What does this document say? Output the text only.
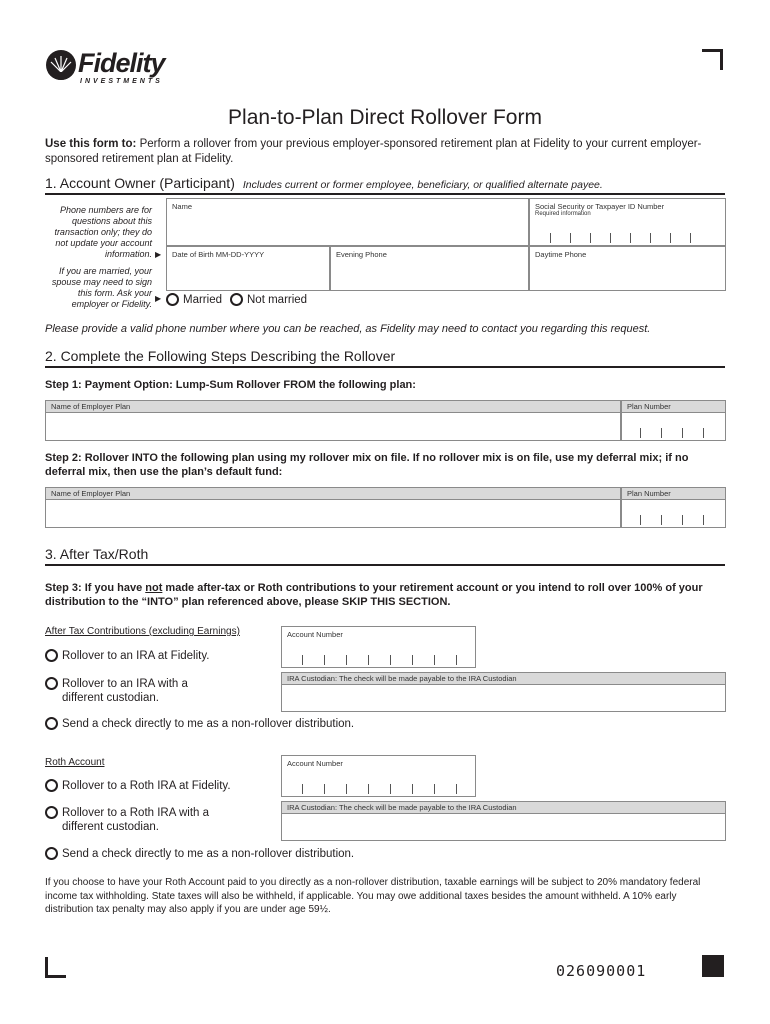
Fidelity
INVESTMENTS
026090001
Plan-to-Plan Direct Rollover Form
Use this form to: Perform a rollover from your previous employer-sponsored retirement plan at Fidelity to your current employer-sponsored retirement plan at Fidelity.
1. Account Owner (Participant) Includes current or former employee, beneficiary, or qualified alternate payee.
Phone numbers are for questions about this transaction only; they do not update your account information. ▶
If you are married, your spouse may need to sign this form. Ask your employer or Fidelity.
▶
Name	Social Security or Taxpayer ID Number
Required information
Date of Birth MM-DD-YYYY	Evening Phone	Daytime Phone
Married Not married
Please provide a valid phone number where you can be reached, as Fidelity may need to contact you regarding this request.
2. Complete the Following Steps Describing the Rollover
Step 1: Payment Option: Lump-Sum Rollover FROM the following plan:
Name of Employer Plan	Plan Number
Step 2: Rollover INTO the following plan using my rollover mix on file. If no rollover mix is on file, use my deferral mix; if no deferral mix, then use the plan’s default fund:
Name of Employer Plan	Plan Number
3. After Tax/Roth
Step 3: If you have not made after-tax or Roth contributions to your retirement account or you intend to roll over 100% of your distribution to the “INTO” plan referenced above, please SKIP THIS SECTION.
After Tax Contributions (excluding Earnings)	Account Number
Rollover to an IRA at Fidelity.
IRA Custodian: The check will be made payable to the IRA Custodian
Rollover to an IRA with a
different custodian.
Send a check directly to me as a non-rollover distribution.
Roth Account	Account Number
Rollover to a Roth IRA at Fidelity.
IRA Custodian: The check will be made payable to the IRA Custodian
Rollover to a Roth IRA with a
different custodian.
Send a check directly to me as a non-rollover distribution.
If you choose to have your Roth Account paid to you directly as a non-rollover distribution, taxable earnings will be subject to 20% mandatory federal income tax withholding. State taxes will also be withheld, if applicable. You may owe additional taxes besides the amount withheld. A 10% early distribution tax penalty may also apply if you are under age 59½.
